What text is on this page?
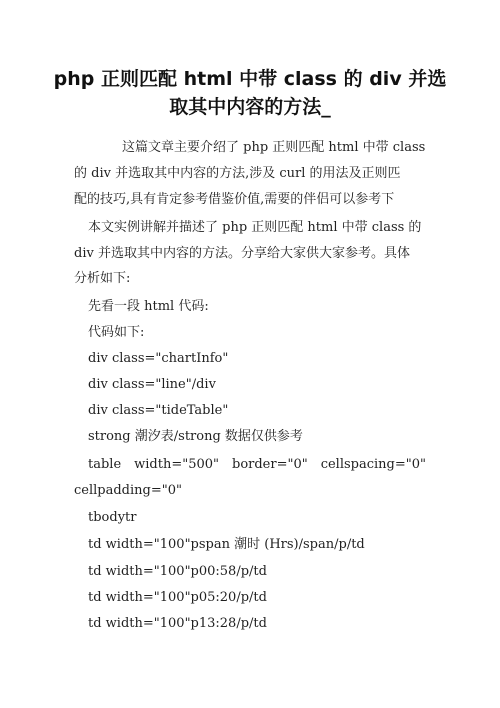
php 正则匹配 html 中带 class 的 div 并选
取其中内容的方法_
这篇文章主要介绍了 php 正则匹配 html 中带 class
的 div 并选取其中内容的方法,涉及 curl 的用法及正则匹
配的技巧,具有肯定参考借鉴价值,需要的伴侣可以参考下
本文实例讲解并描述了 php 正则匹配 html 中带 class 的
div 并选取其中内容的方法。分享给大家供大家参考。具体
分析如下:
先看一段 html 代码:
代码如下:
div class="chartInfo"
div class="line"/div
div class="tideTable"
strong 潮汐表/strong 数据仅供参考
table width="500" border="0" cellspacing="0"
cellpadding="0"
tbodytr
td width="100"pspan 潮时 (Hrs)/span/p/td
td width="100"p00:58/p/td
td width="100"p05:20/p/td
td width="100"p13:28/p/td
